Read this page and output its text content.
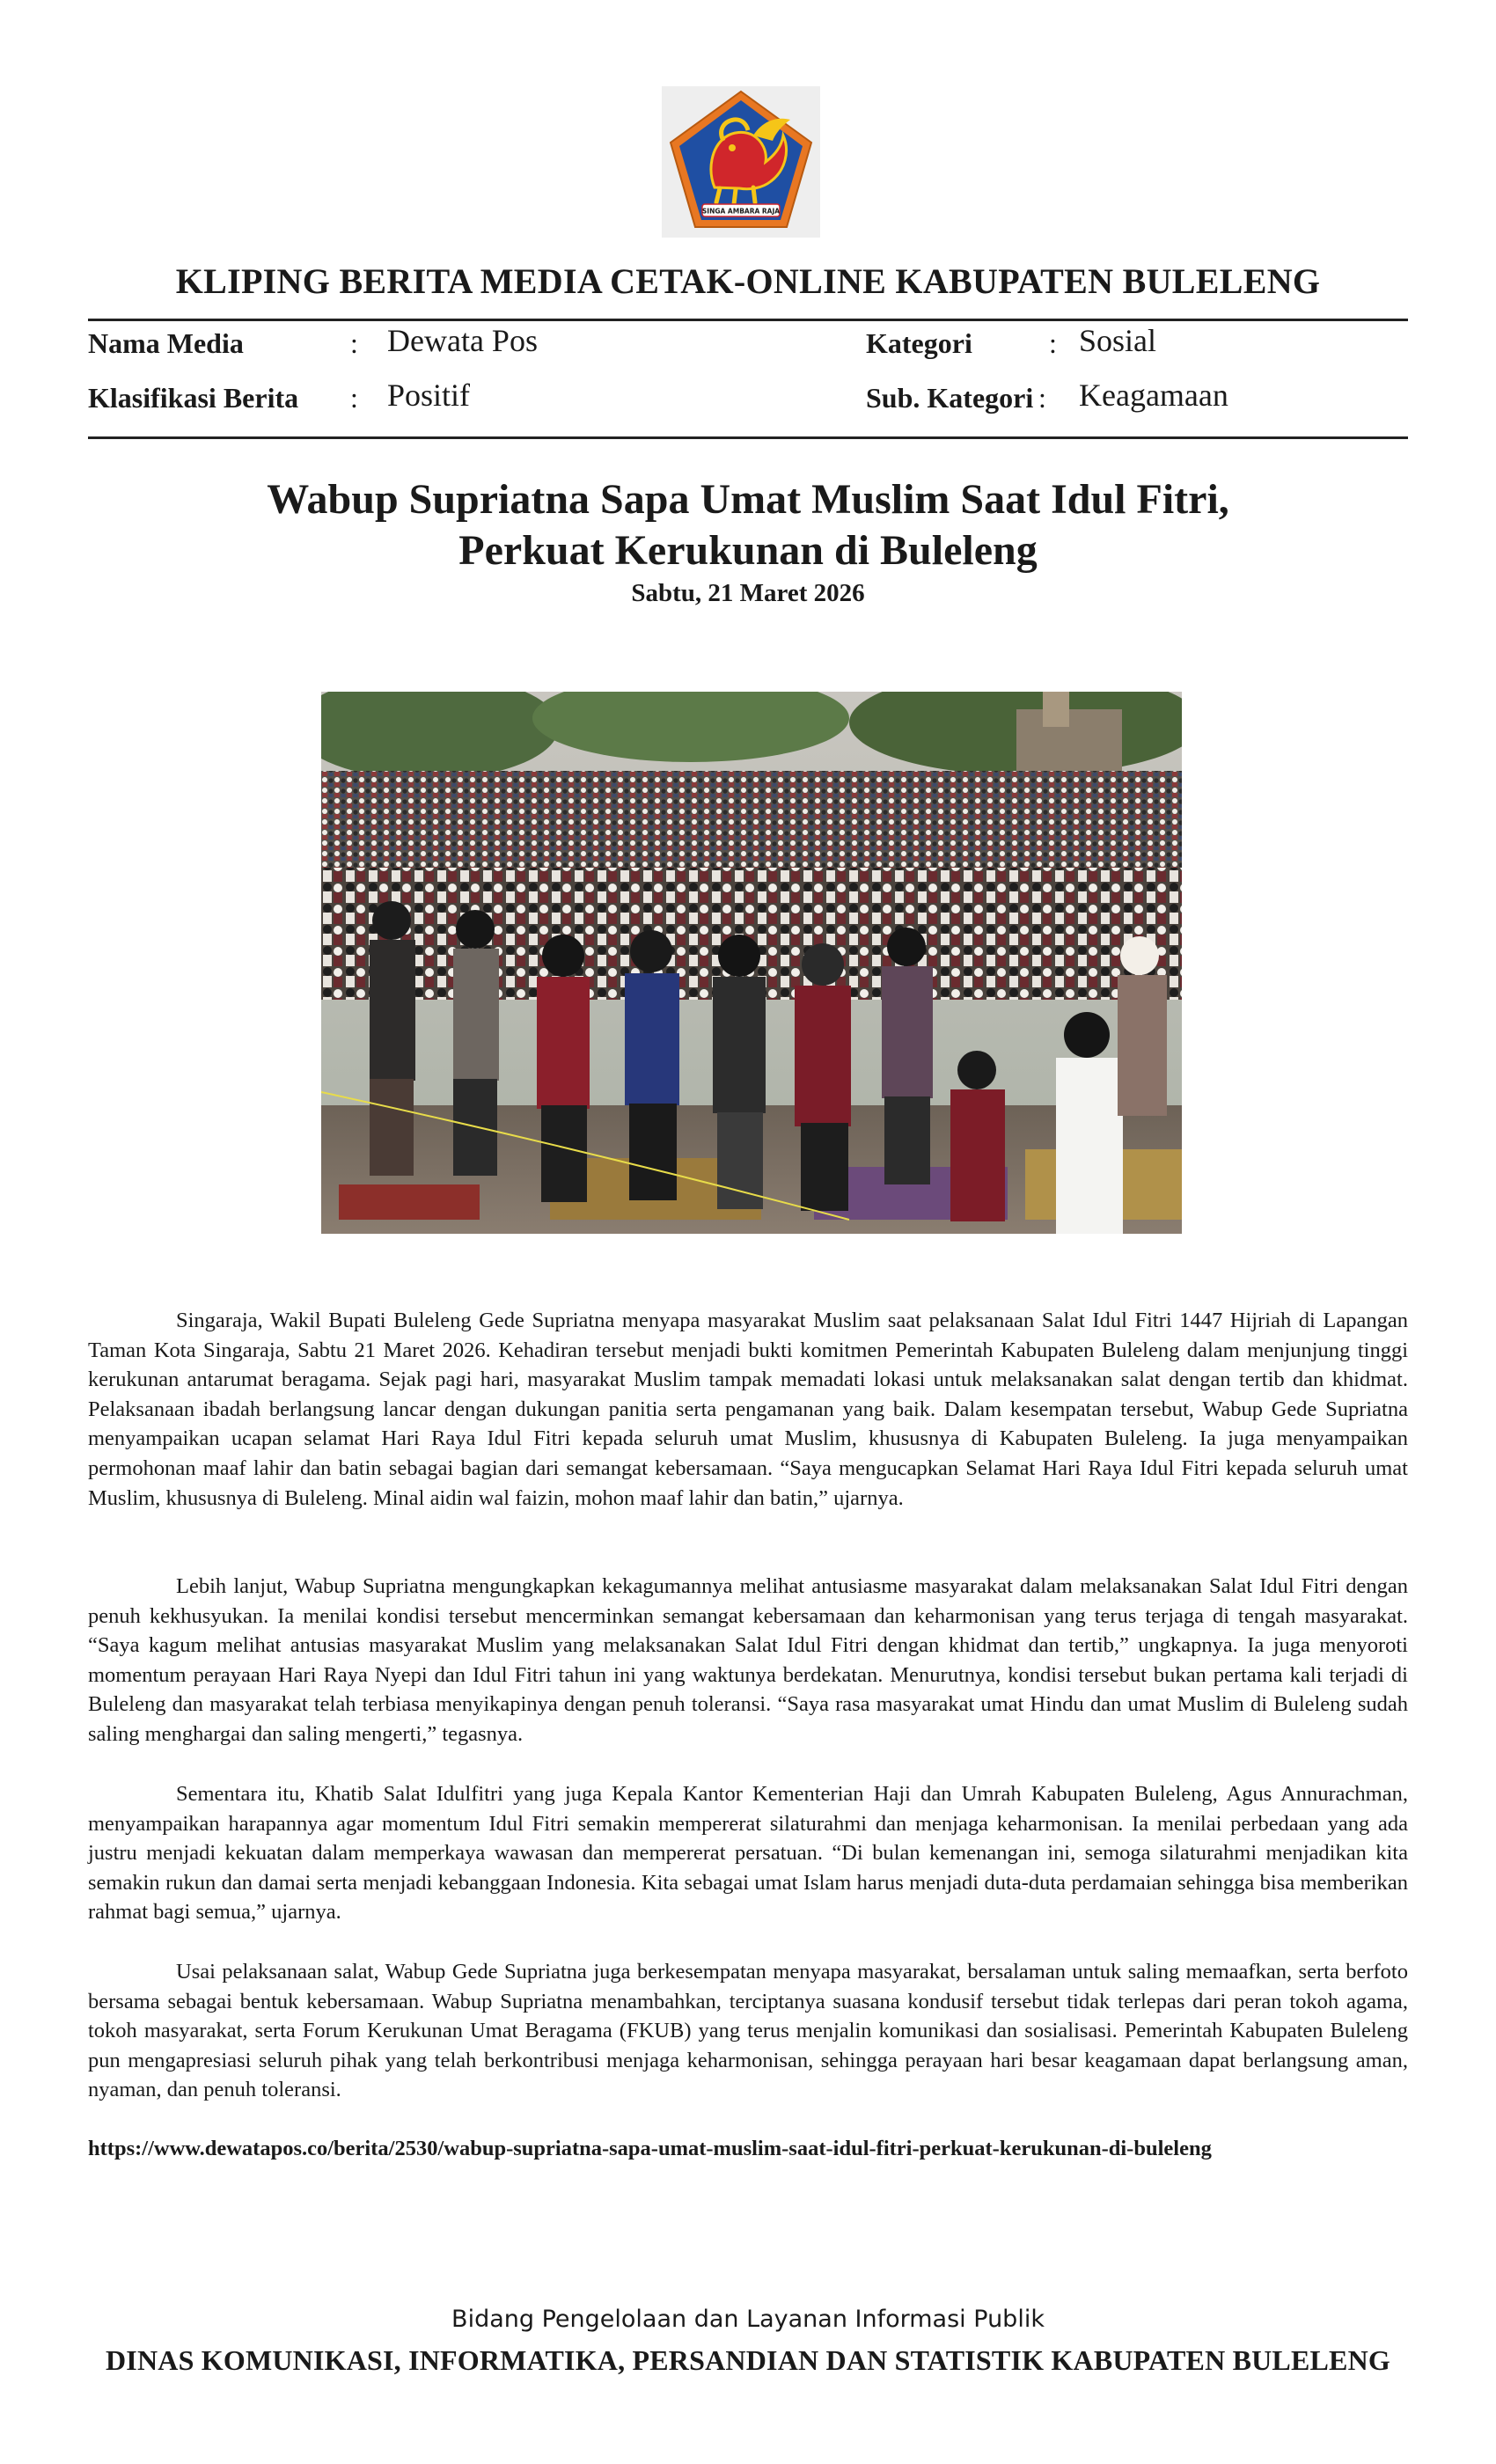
SINGA AMBARA RAJA
KLIPING BERITA MEDIA CETAK-ONLINE KABUPATEN BULELENG
Nama Media	: Dewata Pos	Kategori	: Sosial
Klasifikasi Berita : Positif	Sub. Kategori : Keagamaan
Wabup Supriatna Sapa Umat Muslim Saat Idul Fitri,
Perkuat Kerukunan di Buleleng
Sabtu, 21 Maret 2026

Singaraja, Wakil Bupati Buleleng Gede Supriatna menyapa masyarakat Muslim saat pelaksanaan Salat Idul Fitri 1447 Hijriah di Lapangan Taman Kota Singaraja, Sabtu 21 Maret 2026. Kehadiran tersebut menjadi bukti komitmen Pemerintah Kabupaten Buleleng dalam menjunjung tinggi kerukunan antarumat beragama. Sejak pagi hari, masyarakat Muslim tampak memadati lokasi untuk melaksanakan salat dengan tertib dan khidmat. Pelaksanaan ibadah berlangsung lancar dengan dukungan panitia serta pengamanan yang baik. Dalam kesempatan tersebut, Wabup Gede Supriatna menyampaikan ucapan selamat Hari Raya Idul Fitri kepada seluruh umat Muslim, khususnya di Kabupaten Buleleng. Ia juga menyampaikan permohonan maaf lahir dan batin sebagai bagian dari semangat kebersamaan. “Saya mengucapkan Selamat Hari Raya Idul Fitri kepada seluruh umat Muslim, khususnya di Buleleng. Minal aidin wal faizin, mohon maaf lahir dan batin,” ujarnya.

Lebih lanjut, Wabup Supriatna mengungkapkan kekagumannya melihat antusiasme masyarakat dalam melaksanakan Salat Idul Fitri dengan penuh kekhusyukan. Ia menilai kondisi tersebut mencerminkan semangat kebersamaan dan keharmonisan yang terus terjaga di tengah masyarakat. “Saya kagum melihat antusias masyarakat Muslim yang melaksanakan Salat Idul Fitri dengan khidmat dan tertib,” ungkapnya. Ia juga menyoroti momentum perayaan Hari Raya Nyepi dan Idul Fitri tahun ini yang waktunya berdekatan. Menurutnya, kondisi tersebut bukan pertama kali terjadi di Buleleng dan masyarakat telah terbiasa menyikapinya dengan penuh toleransi. “Saya rasa masyarakat umat Hindu dan umat Muslim di Buleleng sudah saling menghargai dan saling mengerti,” tegasnya.

Sementara itu, Khatib Salat Idulfitri yang juga Kepala Kantor Kementerian Haji dan Umrah Kabupaten Buleleng, Agus Annurachman, menyampaikan harapannya agar momentum Idul Fitri semakin mempererat silaturahmi dan menjaga keharmonisan. Ia menilai perbedaan yang ada justru menjadi kekuatan dalam memperkaya wawasan dan mempererat persatuan. “Di bulan kemenangan ini, semoga silaturahmi menjadikan kita semakin rukun dan damai serta menjadi kebanggaan Indonesia. Kita sebagai umat Islam harus menjadi duta-duta perdamaian sehingga bisa memberikan rahmat bagi semua,” ujarnya.

Usai pelaksanaan salat, Wabup Gede Supriatna juga berkesempatan menyapa masyarakat, bersalaman untuk saling memaafkan, serta berfoto bersama sebagai bentuk kebersamaan. Wabup Supriatna menambahkan, terciptanya suasana kondusif tersebut tidak terlepas dari peran tokoh agama, tokoh masyarakat, serta Forum Kerukunan Umat Beragama (FKUB) yang terus menjalin komunikasi dan sosialisasi. Pemerintah Kabupaten Buleleng pun mengapresiasi seluruh pihak yang telah berkontribusi menjaga keharmonisan, sehingga perayaan hari besar keagamaan dapat berlangsung aman, nyaman, dan penuh toleransi.

https://www.dewatapos.co/berita/2530/wabup-supriatna-sapa-umat-muslim-saat-idul-fitri-perkuat-kerukunan-di-buleleng
Bidang Pengelolaan dan Layanan Informasi Publik
DINAS KOMUNIKASI, INFORMATIKA, PERSANDIAN DAN STATISTIK KABUPATEN BULELENG
